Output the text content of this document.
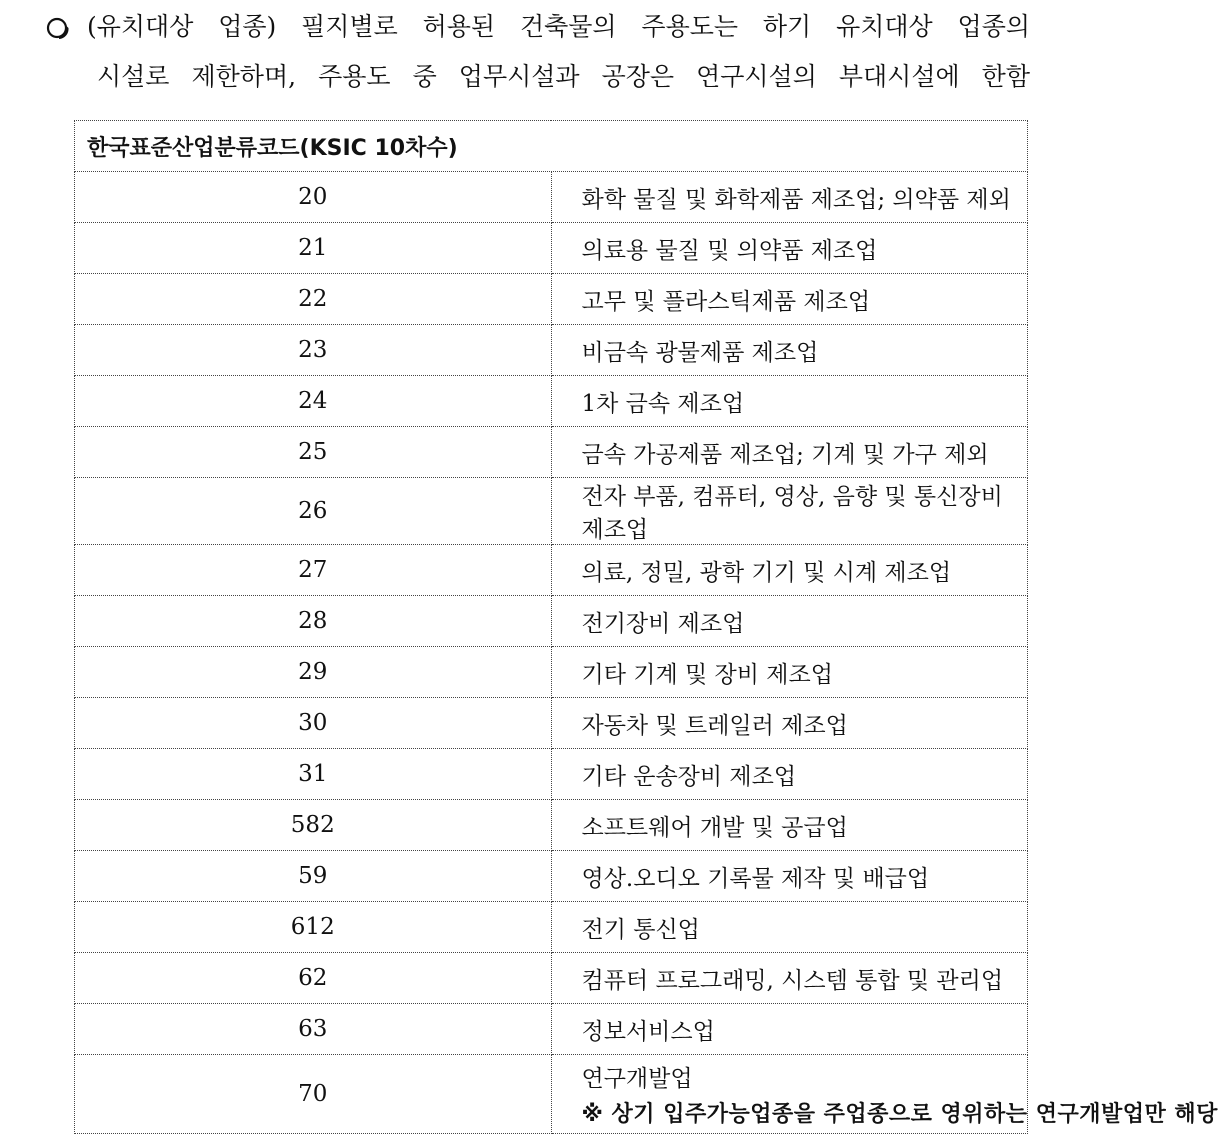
(유치대상 업종) 필지별로 허용된 건축물의 주용도는 하기 유치대상 업종의
시설로 제한하며, 주용도 중 업무시설과 공장은 연구시설의 부대시설에 한함
한국표준산업분류코드(KSIC 10차수)	
20	화학 물질 및 화학제품 제조업; 의약품 제외
21	의료용 물질 및 의약품 제조업
22	고무 및 플라스틱제품 제조업
23	비금속 광물제품 제조업
24	1차 금속 제조업
25	금속 가공제품 제조업; 기계 및 가구 제외
26	전자 부품, 컴퓨터, 영상, 음향 및 통신장비 제조업
27	의료, 정밀, 광학 기기 및 시계 제조업
28	전기장비 제조업
29	기타 기계 및 장비 제조업
30	자동차 및 트레일러 제조업
31	기타 운송장비 제조업
582	소프트웨어 개발 및 공급업
59	영상.오디오 기록물 제작 및 배급업
612	전기 통신업
62	컴퓨터 프로그래밍, 시스템 통합 및 관리업
63	정보서비스업
70	연구개발업
※ 상기 입주가능업종을 주업종으로 영위하는 연구개발업만 해당
